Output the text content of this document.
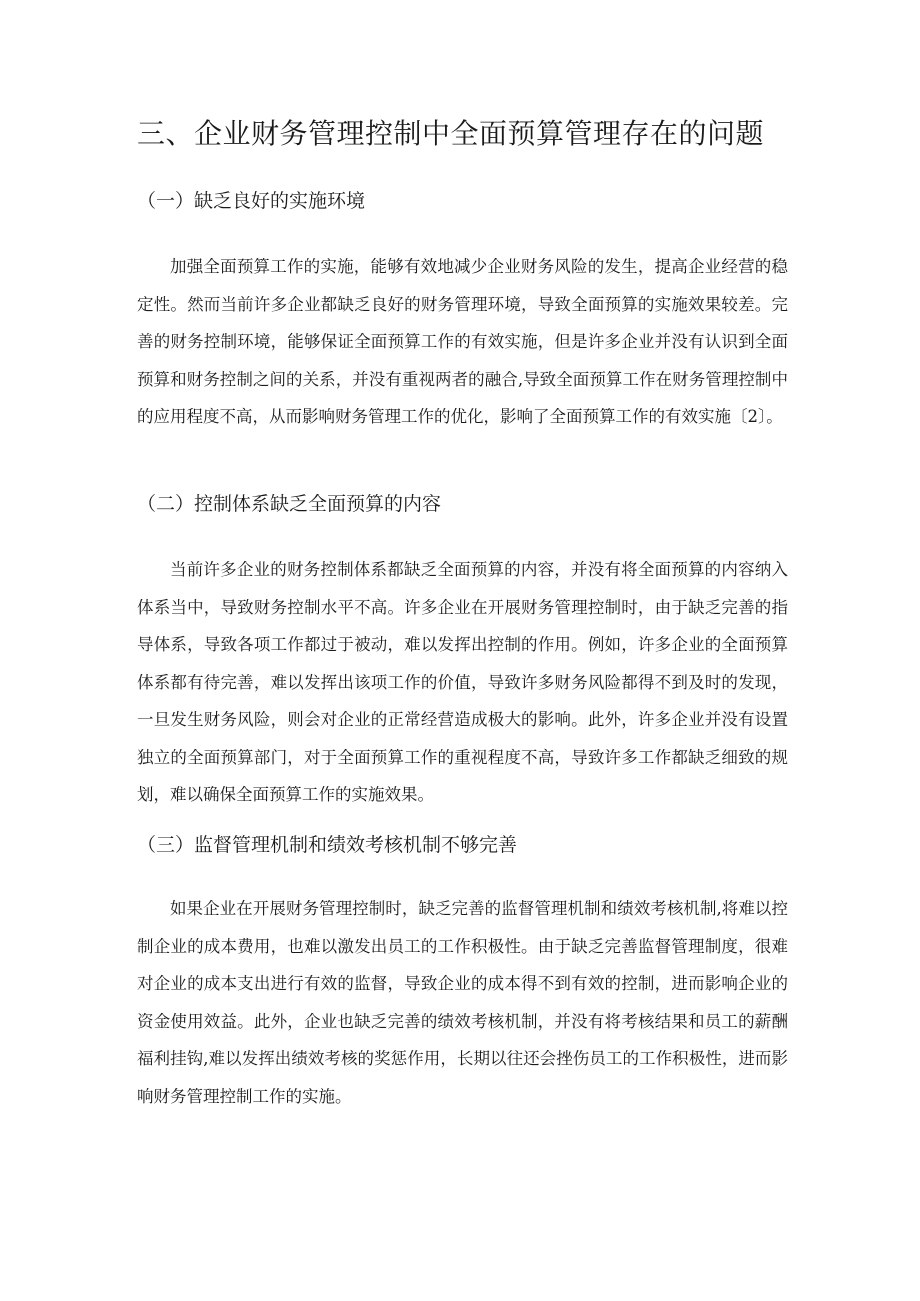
三、企业财务管理控制中全面预算管理存在的问题
（一）缺乏良好的实施环境

加强全面预算工作的实施，能够有效地减少企业财务风险的发生，提高企业经营的稳定性。然而当前许多企业都缺乏良好的财务管理环境，导致全面预算的实施效果较差。完善的财务控制环境，能够保证全面预算工作的有效实施，但是许多企业并没有认识到全面预算和财务控制之间的关系，并没有重视两者的融合,导致全面预算工作在财务管理控制中的应用程度不高，从而影响财务管理工作的优化，影响了全面预算工作的有效实施〔2〕。

（二）控制体系缺乏全面预算的内容

当前许多企业的财务控制体系都缺乏全面预算的内容，并没有将全面预算的内容纳入体系当中，导致财务控制水平不高。许多企业在开展财务管理控制时，由于缺乏完善的指导体系，导致各项工作都过于被动，难以发挥出控制的作用。例如，许多企业的全面预算体系都有待完善，难以发挥出该项工作的价值，导致许多财务风险都得不到及时的发现，一旦发生财务风险，则会对企业的正常经营造成极大的影响。此外，许多企业并没有设置独立的全面预算部门，对于全面预算工作的重视程度不高，导致许多工作都缺乏细致的规划，难以确保全面预算工作的实施效果。

（三）监督管理机制和绩效考核机制不够完善

如果企业在开展财务管理控制时，缺乏完善的监督管理机制和绩效考核机制,将难以控制企业的成本费用，也难以激发出员工的工作积极性。由于缺乏完善监督管理制度，很难对企业的成本支出进行有效的监督，导致企业的成本得不到有效的控制，进而影响企业的资金使用效益。此外，企业也缺乏完善的绩效考核机制，并没有将考核结果和员工的薪酬福利挂钩,难以发挥出绩效考核的奖惩作用，长期以往还会挫伤员工的工作积极性，进而影响财务管理控制工作的实施。
